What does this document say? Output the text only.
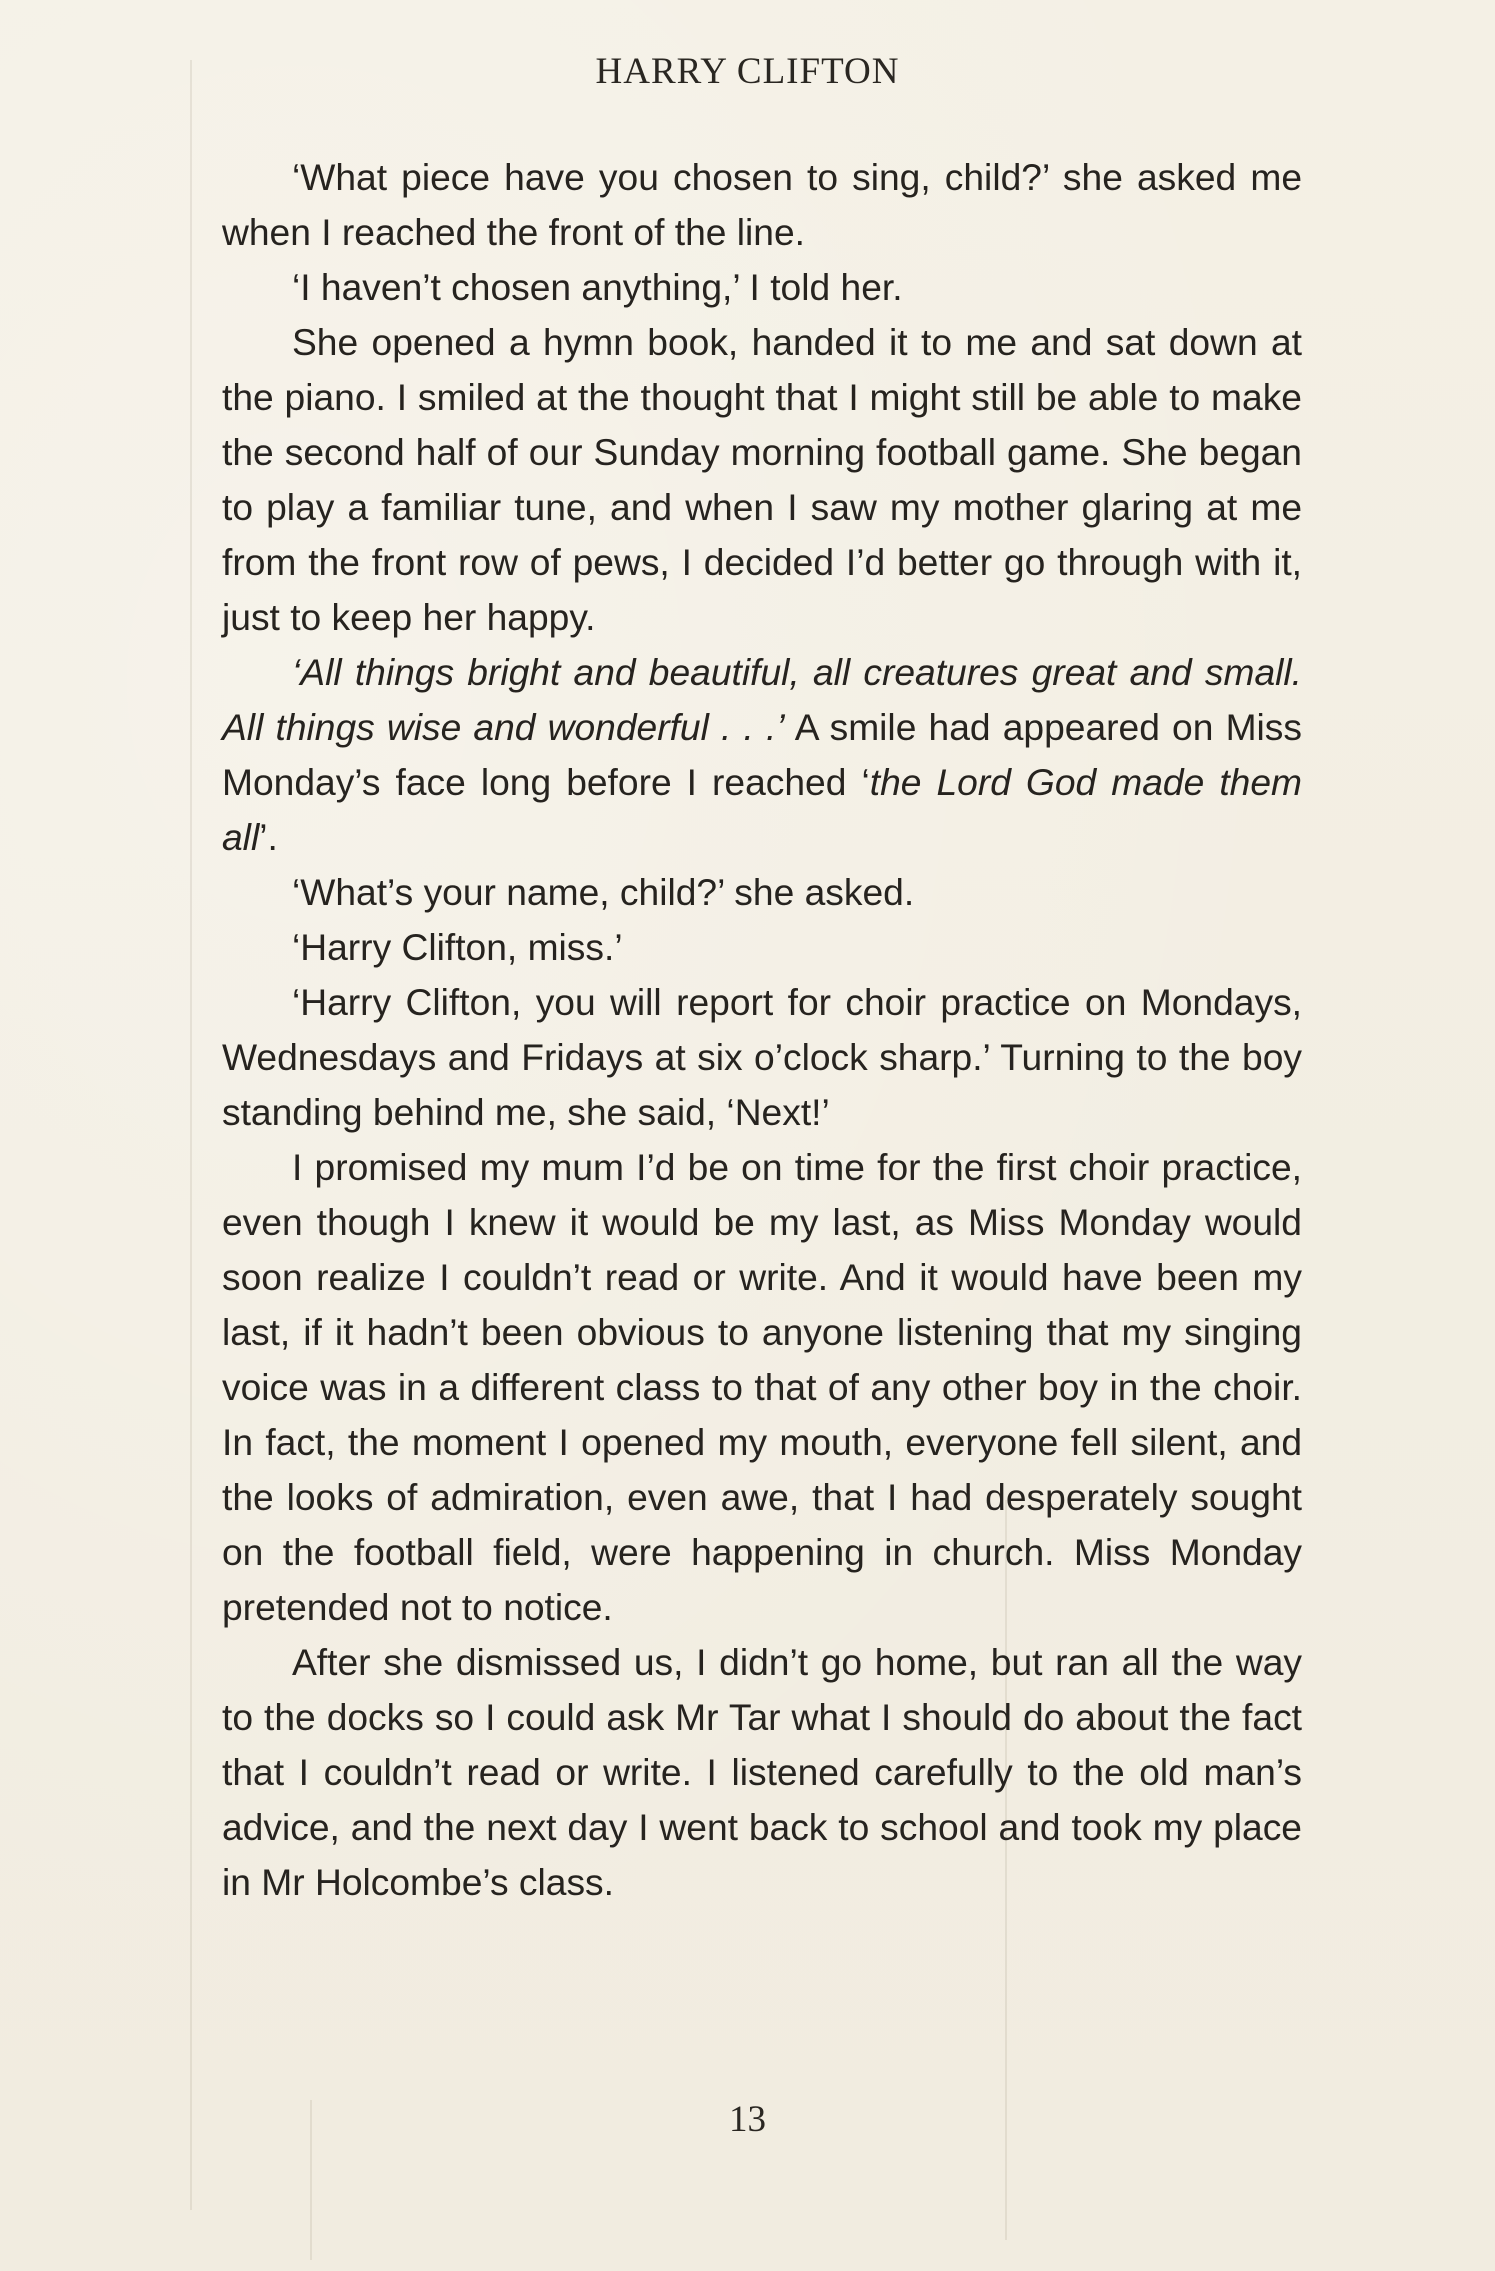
HARRY CLIFTON

‘What piece have you chosen to sing, child?’ she asked me when I reached the front of the line.

‘I haven’t chosen anything,’ I told her.

She opened a hymn book, handed it to me and sat down at the piano. I smiled at the thought that I might still be able to make the second half of our Sunday morning football game. She began to play a familiar tune, and when I saw my mother glaring at me from the front row of pews, I decided I’d better go through with it, just to keep her happy.

‘All things bright and beautiful, all creatures great and small. All things wise and wonderful . . .’ A smile had appeared on Miss Monday’s face long before I reached ‘the Lord God made them all’.

‘What’s your name, child?’ she asked.

‘Harry Clifton, miss.’

‘Harry Clifton, you will report for choir practice on Mondays, Wednesdays and Fridays at six o’clock sharp.’ Turning to the boy standing behind me, she said, ‘Next!’

I promised my mum I’d be on time for the first choir practice, even though I knew it would be my last, as Miss Monday would soon realize I couldn’t read or write. And it would have been my last, if it hadn’t been obvious to anyone listening that my singing voice was in a different class to that of any other boy in the choir. In fact, the moment I opened my mouth, everyone fell silent, and the looks of admiration, even awe, that I had desperately sought on the football field, were happening in church. Miss Monday pretended not to notice.

After she dismissed us, I didn’t go home, but ran all the way to the docks so I could ask Mr Tar what I should do about the fact that I couldn’t read or write. I listened carefully to the old man’s advice, and the next day I went back to school and took my place in Mr Holcombe’s class.

13
